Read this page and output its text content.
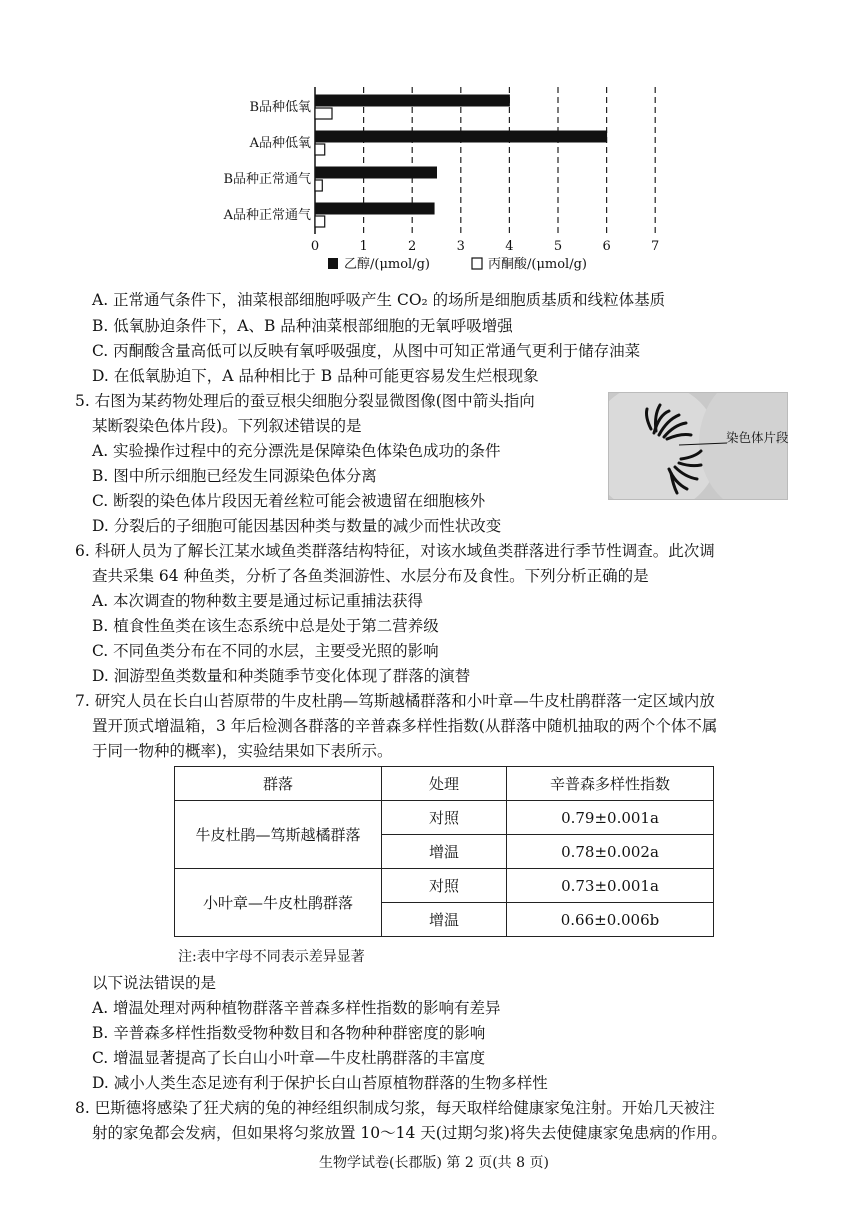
0	1	2	3	4	5	6	7
B品种低氧
A品种低氧
B品种正常通气
A品种正常通气
乙醇/(μmol/g)	丙酮酸/(μmol/g)
A. 正常通气条件下，油菜根部细胞呼吸产生 CO₂ 的场所是细胞质基质和线粒体基质
B. 低氧胁迫条件下，A、B 品种油菜根部细胞的无氧呼吸增强
C. 丙酮酸含量高低可以反映有氧呼吸强度，从图中可知正常通气更利于储存油菜
D. 在低氧胁迫下，A 品种相比于 B 品种可能更容易发生烂根现象
5. 右图为某药物处理后的蚕豆根尖细胞分裂显微图像(图中箭头指向
某断裂染色体片段)。下列叙述错误的是
A. 实验操作过程中的充分漂洗是保障染色体染色成功的条件
B. 图中所示细胞已经发生同源染色体分离
C. 断裂的染色体片段因无着丝粒可能会被遗留在细胞核外
D. 分裂后的子细胞可能因基因种类与数量的减少而性状改变
染色体片段
6. 科研人员为了解长江某水域鱼类群落结构特征，对该水域鱼类群落进行季节性调查。此次调
查共采集 64 种鱼类，分析了各鱼类洄游性、水层分布及食性。下列分析正确的是
A. 本次调查的物种数主要是通过标记重捕法获得
B. 植食性鱼类在该生态系统中总是处于第二营养级
C. 不同鱼类分布在不同的水层，主要受光照的影响
D. 洄游型鱼类数量和种类随季节变化体现了群落的演替
7. 研究人员在长白山苔原带的牛皮杜鹃—笃斯越橘群落和小叶章—牛皮杜鹃群落一定区域内放
置开顶式增温箱，3 年后检测各群落的辛普森多样性指数(从群落中随机抽取的两个个体不属
于同一物种的概率)，实验结果如下表所示。
群落	处理	辛普森多样性指数
牛皮杜鹃—笃斯越橘群落	对照	0.79±0.001a
	增温	0.78±0.002a
小叶章—牛皮杜鹃群落	对照	0.73±0.001a
	增温	0.66±0.006b
注:表中字母不同表示差异显著
以下说法错误的是
A. 增温处理对两种植物群落辛普森多样性指数的影响有差异
B. 辛普森多样性指数受物种数目和各物种种群密度的影响
C. 增温显著提高了长白山小叶章—牛皮杜鹃群落的丰富度
D. 减小人类生态足迹有利于保护长白山苔原植物群落的生物多样性
8. 巴斯德将感染了狂犬病的兔的神经组织制成匀浆，每天取样给健康家兔注射。开始几天被注
射的家兔都会发病，但如果将匀浆放置 10～14 天(过期匀浆)将失去使健康家兔患病的作用。
生物学试卷(长郡版) 第 2 页(共 8 页)
